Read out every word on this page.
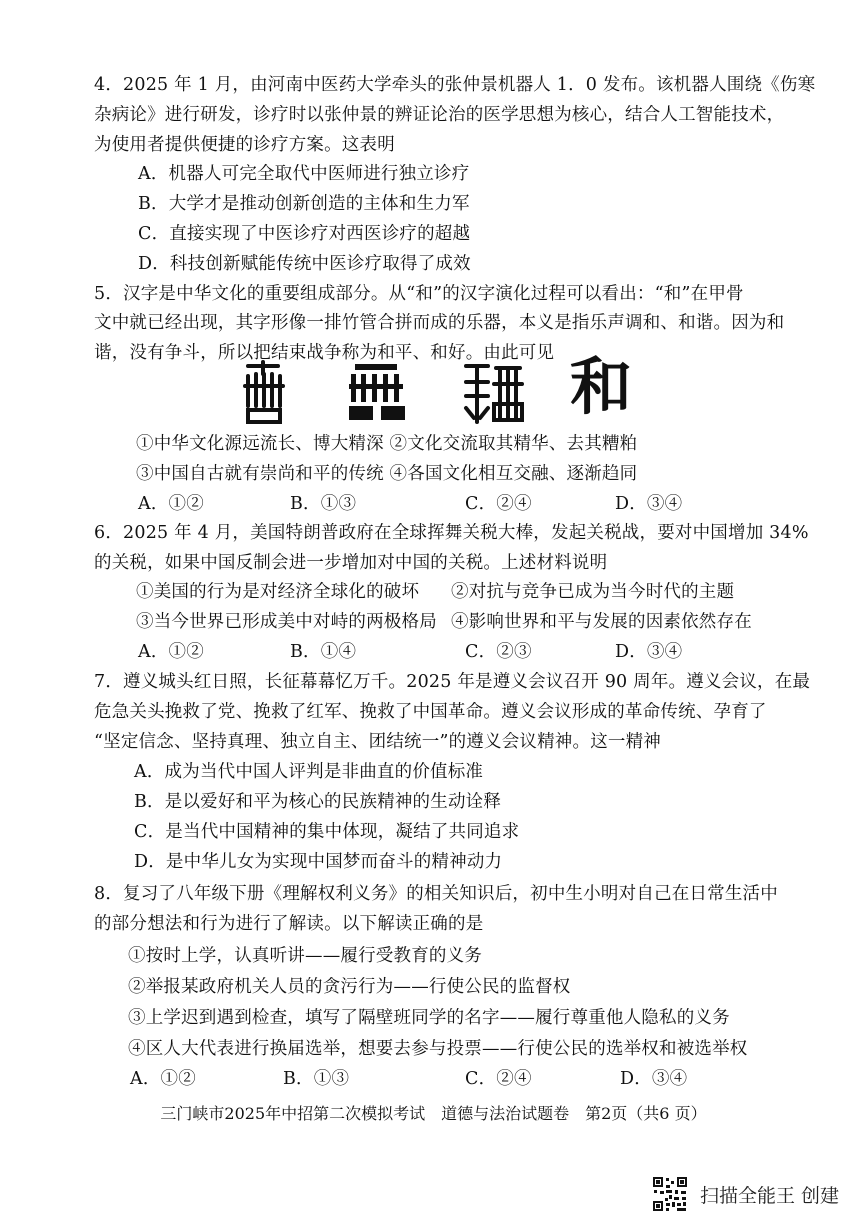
4．2025 年 1 月，由河南中医药大学牵头的张仲景机器人 1．0 发布。该机器人围绕《伤寒
杂病论》进行研发，诊疗时以张仲景的辨证论治的医学思想为核心，结合人工智能技术，
为使用者提供便捷的诊疗方案。这表明
A．机器人可完全取代中医师进行独立诊疗
B．大学才是推动创新创造的主体和生力军
C．直接实现了中医诊疗对西医诊疗的超越
D．科技创新赋能传统中医诊疗取得了成效
5．汉字是中华文化的重要组成部分。从“和”的汉字演化过程可以看出：“和”在甲骨
文中就已经出现，其字形像一排竹管合拼而成的乐器，本义是指乐声调和、和谐。因为和
谐，没有争斗，所以把结束战争称为和平、和好。由此可见 和
①中华文化源远流长、博大精深 ②文化交流取其精华、去其糟粕
③中国自古就有崇尚和平的传统 ④各国文化相互交融、逐渐趋同
A．①②	B．①③	C．②④	D．③④
6．2025 年 4 月，美国特朗普政府在全球挥舞关税大棒，发起关税战，要对中国增加 34%
的关税，如果中国反制会进一步增加对中国的关税。上述材料说明
①美国的行为是对经济全球化的破坏 ②对抗与竞争已成为当今时代的主题
③当今世界已形成美中对峙的两极格局 ④影响世界和平与发展的因素依然存在
A．①②	B．①④	C．②③	D．③④
7．遵义城头红日照，长征幕幕忆万千。2025 年是遵义会议召开 90 周年。遵义会议，在最
危急关头挽救了党、挽救了红军、挽救了中国革命。遵义会议形成的革命传统、孕育了
“坚定信念、坚持真理、独立自主、团结统一”的遵义会议精神。这一精神
A．成为当代中国人评判是非曲直的价值标准
B．是以爱好和平为核心的民族精神的生动诠释
C．是当代中国精神的集中体现，凝结了共同追求
D．是中华儿女为实现中国梦而奋斗的精神动力
8．复习了八年级下册《理解权利义务》的相关知识后，初中生小明对自己在日常生活中
的部分想法和行为进行了解读。以下解读正确的是
①按时上学，认真听讲——履行受教育的义务
②举报某政府机关人员的贪污行为——行使公民的监督权
③上学迟到遇到检查，填写了隔壁班同学的名字——履行尊重他人隐私的义务
④区人大代表进行换届选举，想要去参与投票——行使公民的选举权和被选举权
A．①②	B．①③	C．②④	D．③④
三门峡市2025年中招第二次模拟考试　道德与法治试题卷　第2页（共6 页）
扫描全能王 创建
